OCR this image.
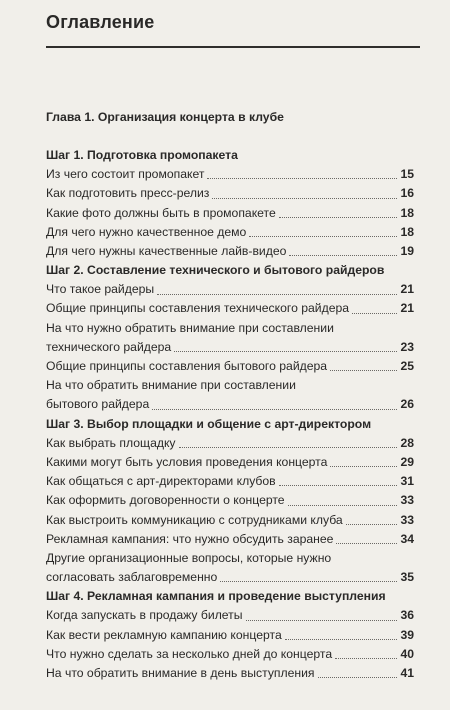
Оглавление
Глава 1. Организация концерта в клубе
Шаг 1. Подготовка промопакета
Из чего состоит промопакет	15
Как подготовить пресс-релиз	16
Какие фото должны быть в промопакете	18
Для чего нужно качественное демо	18
Для чего нужны качественные лайв-видео	19
Шаг 2. Составление технического и бытового райдеров
Что такое райдеры	21
Общие принципы составления технического райдера	21
На что нужно обратить внимание при составлении
технического райдера	23
Общие принципы составления бытового райдера	25
На что обратить внимание при составлении
бытового райдера	26
Шаг 3. Выбор площадки и общение с арт-директором
Как выбрать площадку	28
Какими могут быть условия проведения концерта	29
Как общаться с арт-директорами клубов	31
Как оформить договоренности о концерте	33
Как выстроить коммуникацию с сотрудниками клуба	33
Рекламная кампания: что нужно обсудить заранее	34
Другие организационные вопросы, которые нужно
согласовать заблаговременно	35
Шаг 4. Рекламная кампания и проведение выступления
Когда запускать в продажу билеты	36
Как вести рекламную кампанию концерта	39
Что нужно сделать за несколько дней до концерта	40
На что обратить внимание в день выступления	41
